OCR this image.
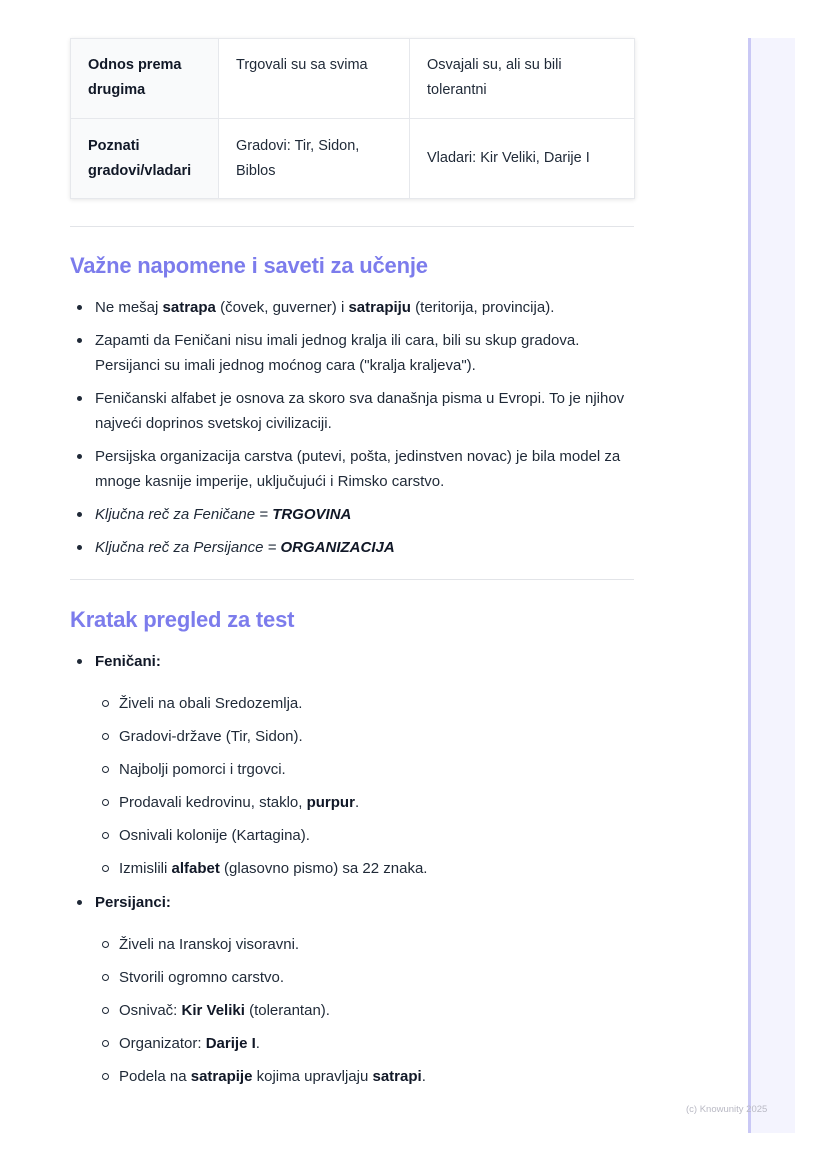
(c) Knowunity 2025
Odnos prema drugima	Trgovali su sa svima	Osvajali su, ali su bili tolerantni
Poznati gradovi/vladari	Gradovi: Tir, Sidon, Biblos	Vladari: Kir Veliki, Darije I
Važne napomene i saveti za učenje
Ne mešaj satrapa (čovek, guverner) i satrapiju (teritorija, provincija).
Zapamti da Feničani nisu imali jednog kralja ili cara, bili su skup gradova. Persijanci su imali jednog moćnog cara ("kralja kraljeva").
Feničanski alfabet je osnova za skoro sva današnja pisma u Evropi. To je njihov najveći doprinos svetskoj civilizaciji.
Persijska organizacija carstva (putevi, pošta, jedinstven novac) je bila model za mnoge kasnije imperije, uključujući i Rimsko carstvo.
Ključna reč za Feničane = TRGOVINA
Ključna reč za Persijance = ORGANIZACIJA
Kratak pregled za test
Feničani:
Živeli na obali Sredozemlja.
Gradovi-države (Tir, Sidon).
Najbolji pomorci i trgovci.
Prodavali kedrovinu, staklo, purpur.
Osnivali kolonije (Kartagina).
Izmislili alfabet (glasovno pismo) sa 22 znaka.
Persijanci:
Živeli na Iranskoj visoravni.
Stvorili ogromno carstvo.
Osnivač: Kir Veliki (tolerantan).
Organizator: Darije I.
Podela na satrapije kojima upravljaju satrapi.
